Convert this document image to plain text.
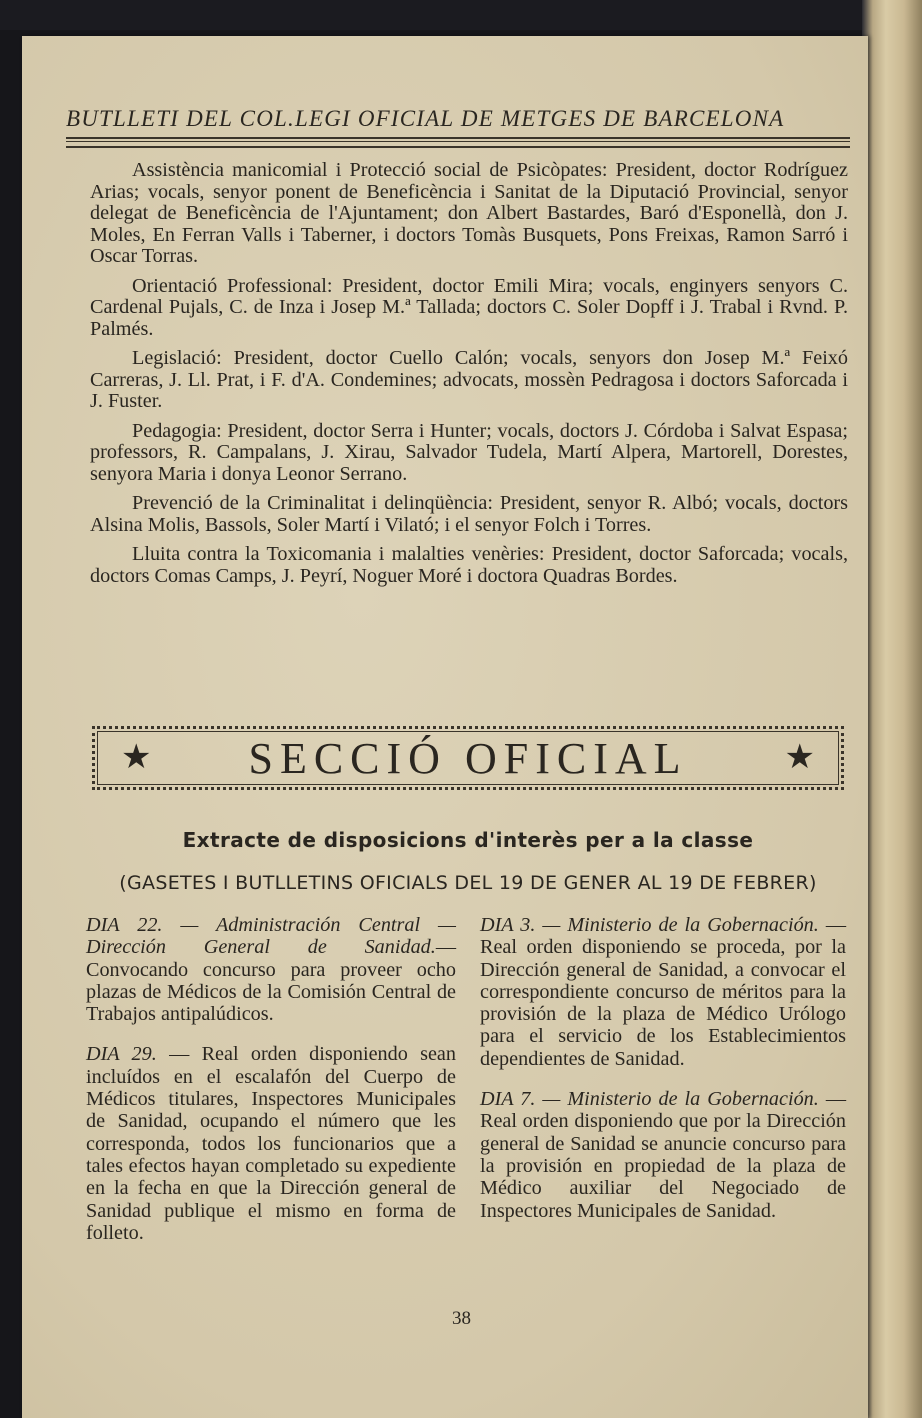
BUTLLETI DEL COL.LEGI OFICIAL DE METGES DE BARCELONA

Assistència manicomial i Protecció social de Psicòpates: President, doctor Rodríguez Arias; vocals, senyor ponent de Beneficència i Sanitat de la Diputació Provincial, senyor delegat de Beneficència de l'Ajuntament; don Albert Bastardes, Baró d'Esponellà, don J. Moles, En Ferran Valls i Taberner, i doctors Tomàs Busquets, Pons Freixas, Ramon Sarró i Oscar Torras.

Orientació Professional: President, doctor Emili Mira; vocals, enginyers senyors C. Cardenal Pujals, C. de Inza i Josep M.ª Tallada; doctors C. Soler Dopff i J. Trabal i Rvnd. P. Palmés.

Legislació: President, doctor Cuello Calón; vocals, senyors don Josep M.ª Feixó Carreras, J. Ll. Prat, i F. d'A. Condemines; advocats, mossèn Pedragosa i doctors Saforcada i J. Fuster.

Pedagogia: President, doctor Serra i Hunter; vocals, doctors J. Córdoba i Salvat Espasa; professors, R. Campalans, J. Xirau, Salvador Tudela, Martí Alpera, Martorell, Dorestes, senyora Maria i donya Leonor Serrano.

Prevenció de la Criminalitat i delinqüència: President, senyor R. Albó; vocals, doctors Alsina Molis, Bassols, Soler Martí i Vilató; i el senyor Folch i Torres.

Lluita contra la Toxicomania i malalties venèries: President, doctor Saforcada; vocals, doctors Comas Camps, J. Peyrí, Noguer Moré i doctora Quadras Bordes.

★ SECCIÓ OFICIAL	★
Extracte de disposicions d'interès per a la classe
(GASETES I BUTLLETINS OFICIALS DEL 19 DE GENER AL 19 DE FEBRER)

DIA 22. — Administración Central — Dirección General de Sanidad.—Convocando concurso para proveer ocho plazas de Médicos de la Comisión Central de Trabajos antipalúdicos.

DIA 29. — Real orden disponiendo sean incluídos en el escalafón del Cuerpo de Médicos titulares, Inspectores Municipales de Sanidad, ocupando el número que les corresponda, todos los funcionarios que a tales efectos hayan completado su expediente en la fecha en que la Dirección general de Sanidad publique el mismo en forma de folleto.

DIA 3. — Ministerio de la Gobernación. — Real orden disponiendo se proceda, por la Dirección general de Sanidad, a convocar el correspondiente concurso de méritos para la provisión de la plaza de Médico Urólogo para el servicio de los Establecimientos dependientes de Sanidad.

DIA 7. — Ministerio de la Gobernación. — Real orden disponiendo que por la Dirección general de Sanidad se anuncie concurso para la provisión en propiedad de la plaza de Médico auxiliar del Negociado de Inspectores Municipales de Sanidad.

38
